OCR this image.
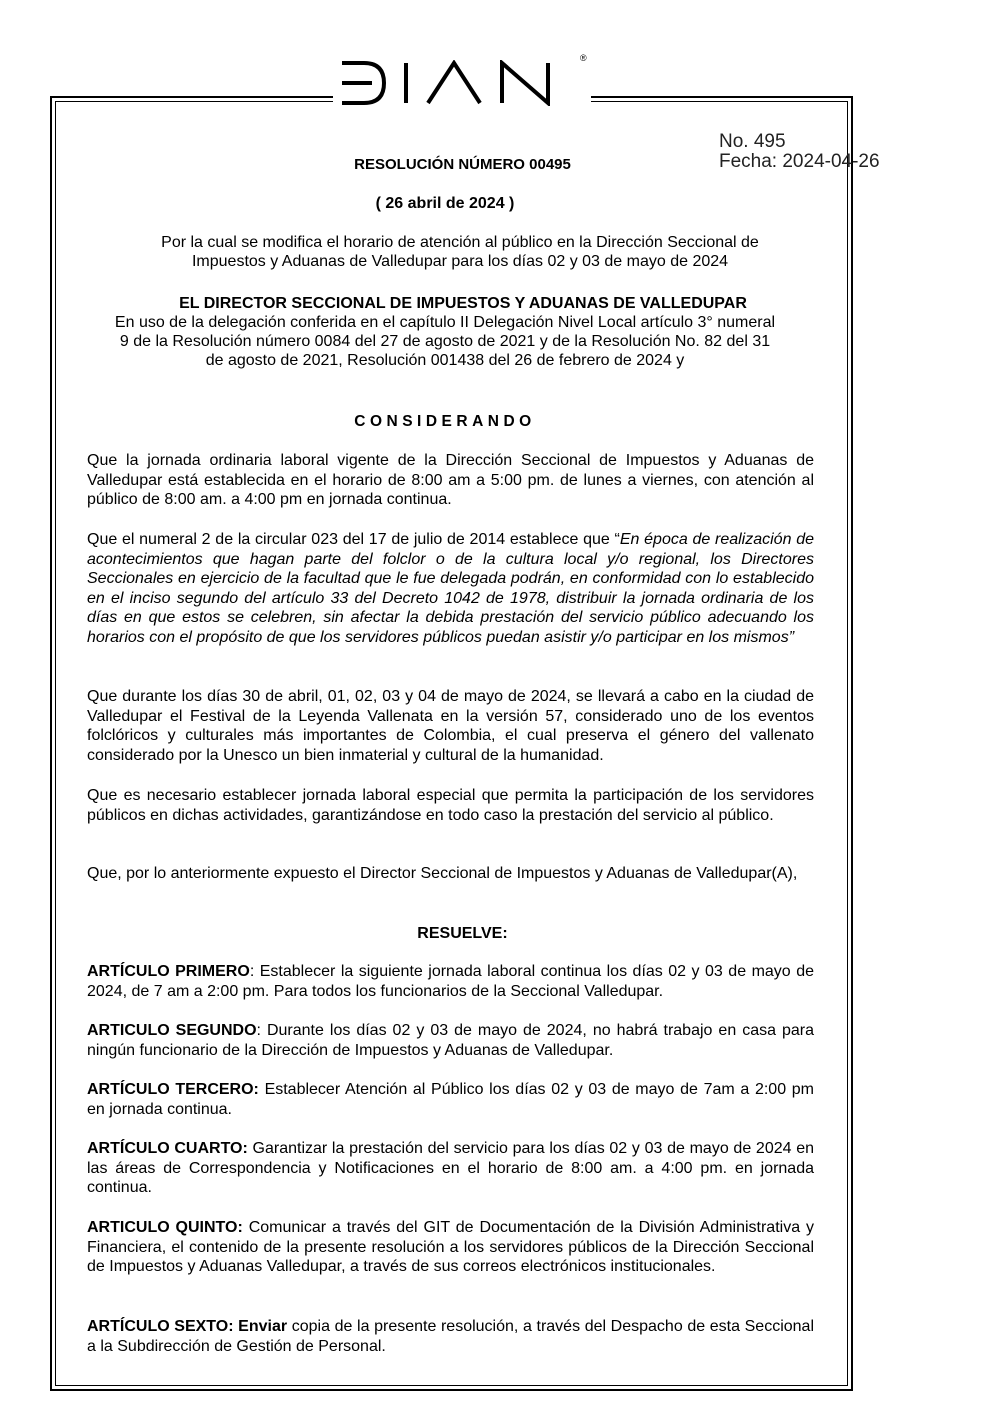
®
No. 495
Fecha: 2024-04-26
RESOLUCIÓN NÚMERO 00495
( 26 abril de 2024 )
Por la cual se modifica el horario de atención al público en la Dirección Seccional de
Impuestos y Aduanas de Valledupar para los días 02 y 03 de mayo de 2024
EL DIRECTOR SECCIONAL DE IMPUESTOS Y ADUANAS DE VALLEDUPAR
En uso de la delegación conferida en el capítulo II Delegación Nivel Local artículo 3° numeral
9 de la Resolución número 0084 del 27 de agosto de 2021 y de la Resolución No. 82 del 31
de agosto de 2021, Resolución 001438 del 26 de febrero de 2024 y
CONSIDERANDO
Que la jornada ordinaria laboral vigente de la Dirección Seccional de Impuestos y Aduanas de Valledupar está establecida en el horario de 8:00 am a 5:00 pm. de lunes a viernes, con atención al público de 8:00 am. a 4:00 pm en jornada continua.
Que el numeral 2 de la circular 023 del 17 de julio de 2014 establece que “En época de realización de acontecimientos que hagan parte del folclor o de la cultura local y/o regional, los Directores Seccionales en ejercicio de la facultad que le fue delegada podrán, en conformidad con lo establecido en el inciso segundo del artículo 33 del Decreto 1042 de 1978, distribuir la jornada ordinaria de los días en que estos se celebren, sin afectar la debida prestación del servicio público adecuando los horarios con el propósito de que los servidores públicos puedan asistir y/o participar en los mismos”
Que durante los días 30 de abril, 01, 02, 03 y 04 de mayo de 2024, se llevará a cabo en la ciudad de Valledupar el Festival de la Leyenda Vallenata en la versión 57, considerado uno de los eventos folclóricos y culturales más importantes de Colombia, el cual preserva el género del vallenato considerado por la Unesco un bien inmaterial y cultural de la humanidad.
Que es necesario establecer jornada laboral especial que permita la participación de los servidores públicos en dichas actividades, garantizándose en todo caso la prestación del servicio al público.
Que, por lo anteriormente expuesto el Director Seccional de Impuestos y Aduanas de Valledupar(A),
RESUELVE:
ARTÍCULO PRIMERO: Establecer la siguiente jornada laboral continua los días 02 y 03 de mayo de 2024, de 7 am a 2:00 pm. Para todos los funcionarios de la Seccional Valledupar.
ARTICULO SEGUNDO: Durante los días 02 y 03 de mayo de 2024, no habrá trabajo en casa para ningún funcionario de la Dirección de Impuestos y Aduanas de Valledupar.
ARTÍCULO TERCERO: Establecer Atención al Público los días 02 y 03 de mayo de 7am a 2:00 pm en jornada continua.
ARTÍCULO CUARTO: Garantizar la prestación del servicio para los días 02 y 03 de mayo de 2024 en las áreas de Correspondencia y Notificaciones en el horario de 8:00 am. a 4:00 pm. en jornada continua.
ARTICULO QUINTO: Comunicar a través del GIT de Documentación de la División Administrativa y Financiera, el contenido de la presente resolución a los servidores públicos de la Dirección Seccional de Impuestos y Aduanas Valledupar, a través de sus correos electrónicos institucionales.
ARTÍCULO SEXTO: Enviar copia de la presente resolución, a través del Despacho de esta Seccional a la Subdirección de Gestión de Personal.
